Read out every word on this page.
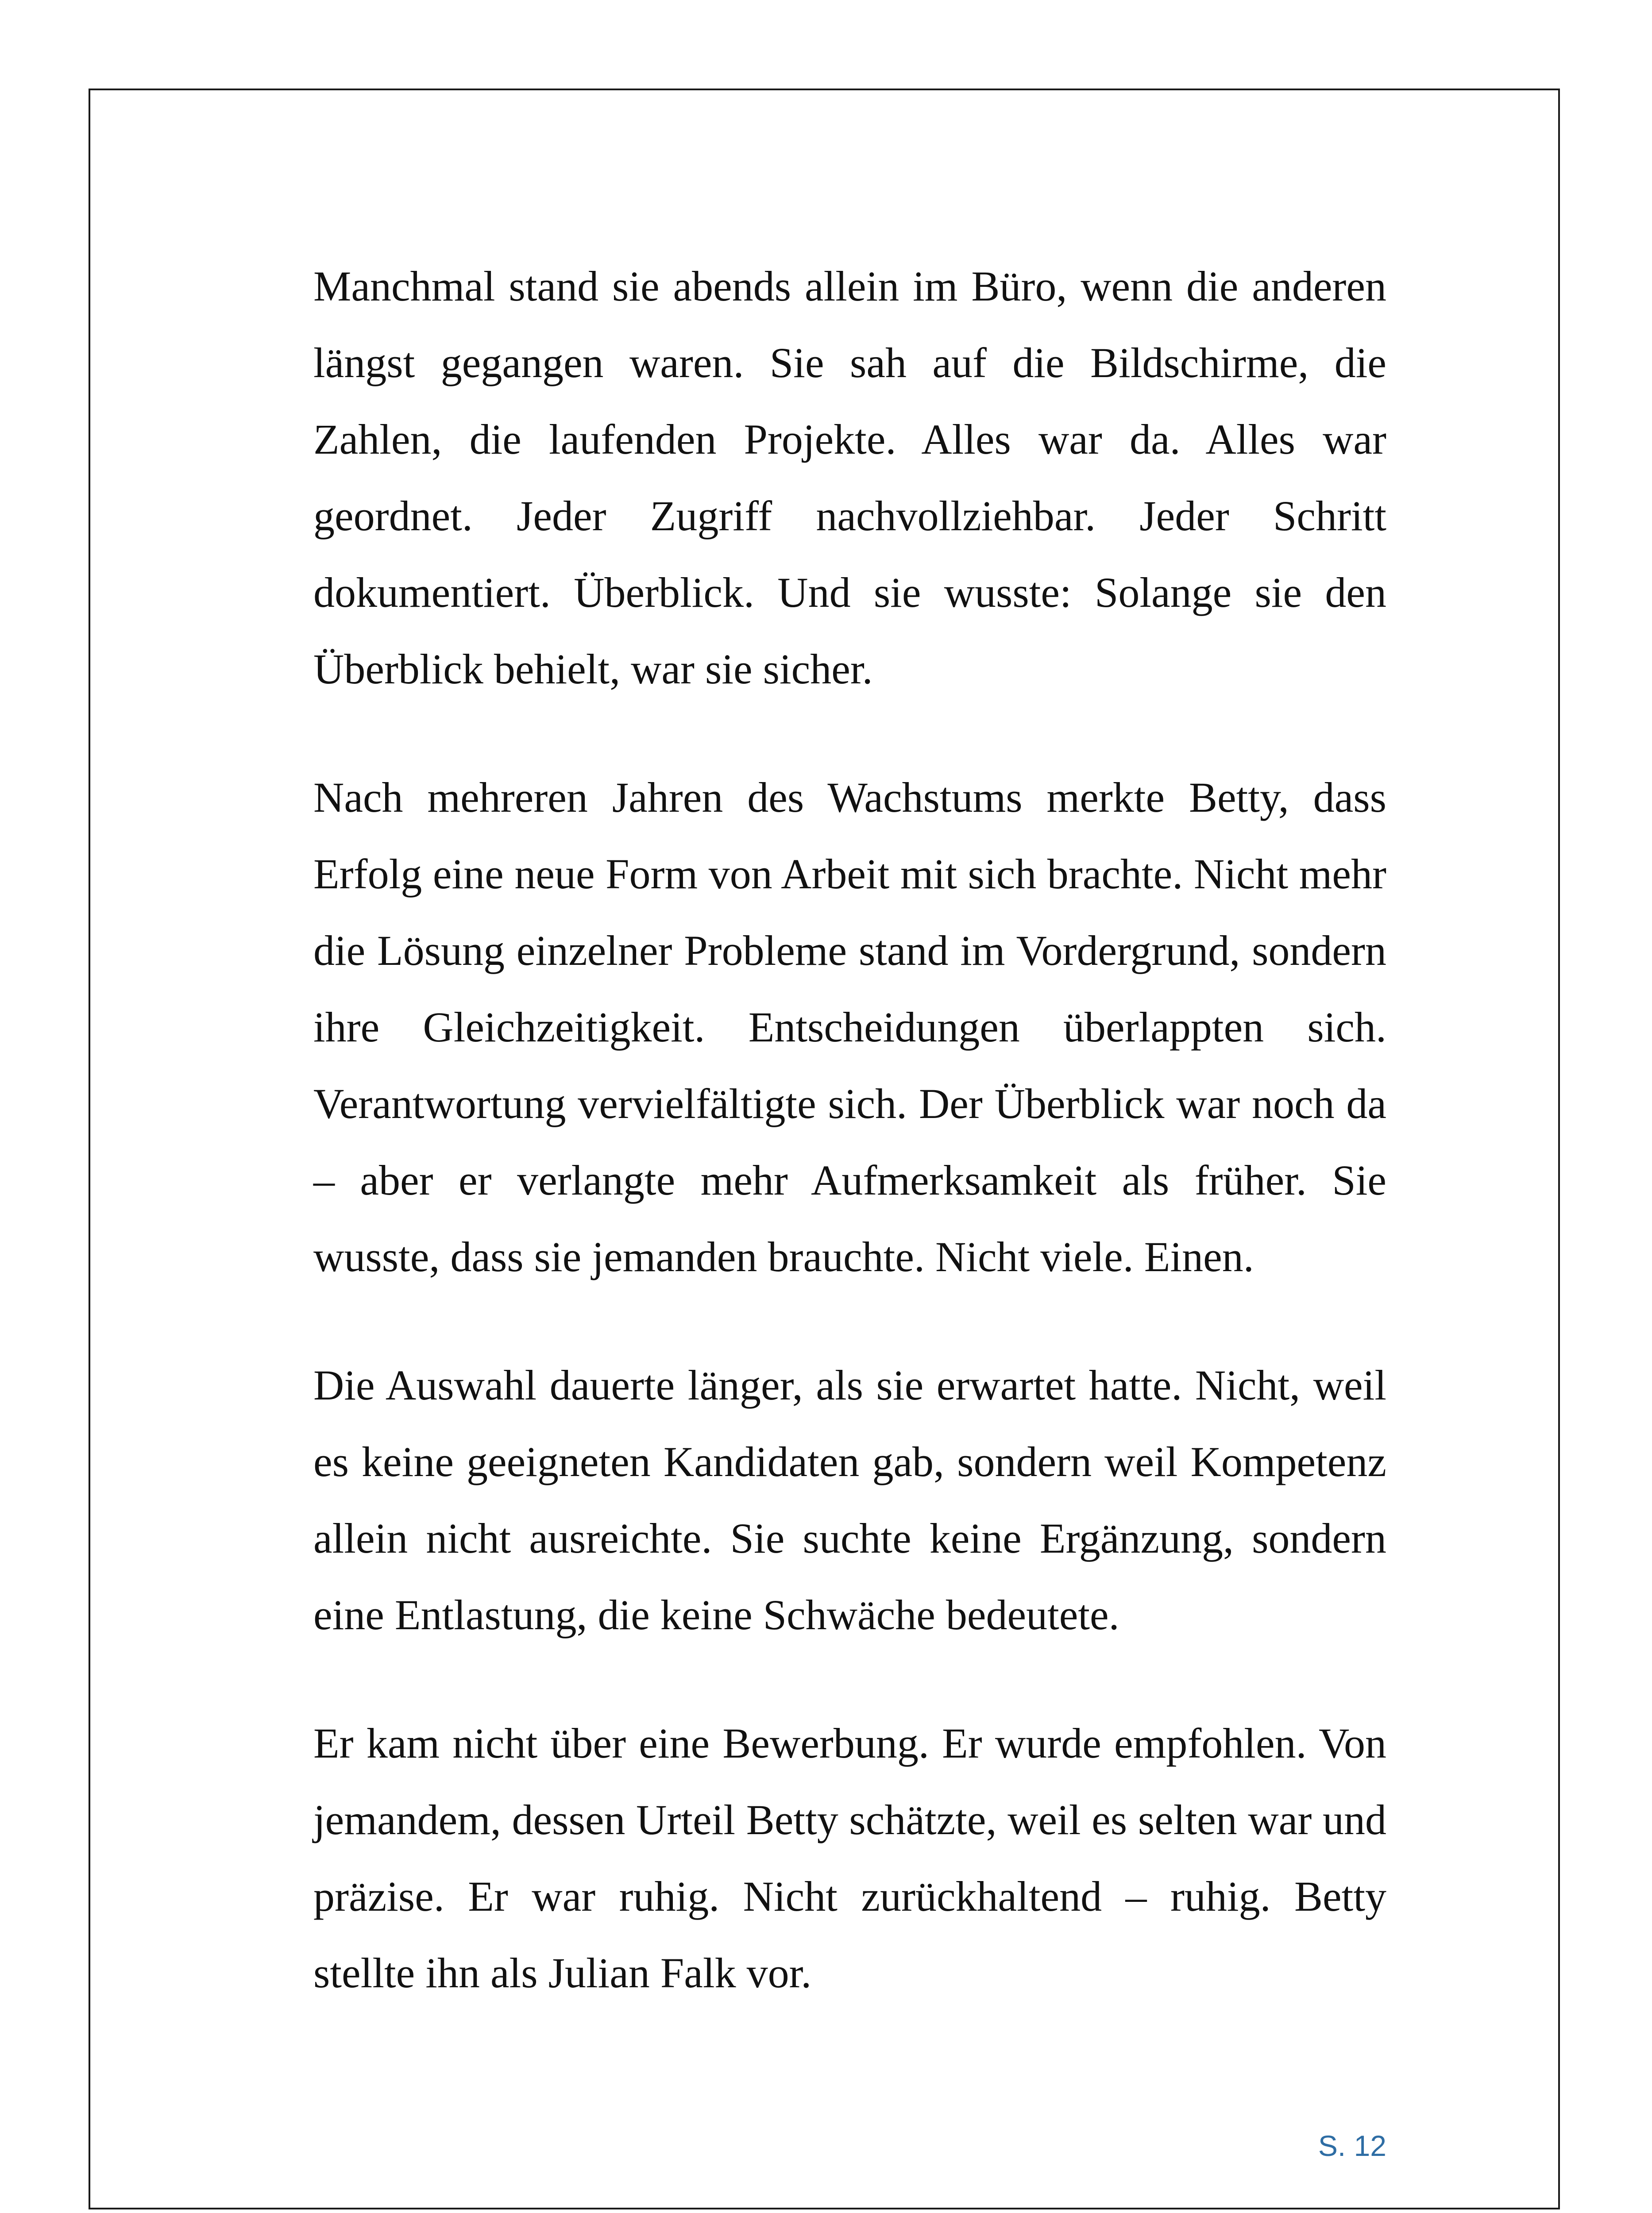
Manchmal stand sie abends allein im Büro, wenn die anderen längst gegangen waren. Sie sah auf die Bildschirme, die Zahlen, die laufenden Projekte. Alles war da. Alles war geordnet. Jeder Zugriff nachvollziehbar. Jeder Schritt dokumentiert. Überblick. Und sie wusste: Solange sie den Überblick behielt, war sie sicher.

Nach mehreren Jahren des Wachstums merkte Betty, dass Erfolg eine neue Form von Arbeit mit sich brachte. Nicht mehr die Lösung einzelner Probleme stand im Vordergrund, sondern ihre Gleichzeitigkeit. Entscheidungen überlappten sich. Verantwortung vervielfältigte sich. Der Überblick war noch da – aber er verlangte mehr Aufmerksamkeit als früher. Sie wusste, dass sie jemanden brauchte. Nicht viele. Einen.

Die Auswahl dauerte länger, als sie erwartet hatte. Nicht, weil es keine geeigneten Kandidaten gab, sondern weil Kompetenz allein nicht ausreichte. Sie suchte keine Ergänzung, sondern eine Entlastung, die keine Schwäche bedeutete.

Er kam nicht über eine Bewerbung. Er wurde empfohlen. Von jemandem, dessen Urteil Betty schätzte, weil es selten war und präzise. Er war ruhig. Nicht zurückhaltend – ruhig. Betty stellte ihn als Julian Falk vor.

S. 12
